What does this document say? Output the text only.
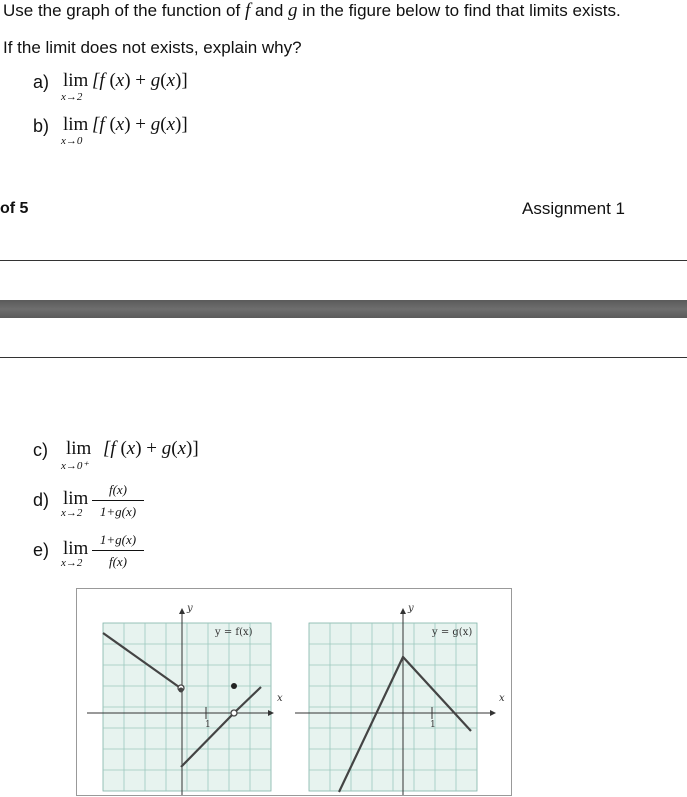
Use the graph of the function of f and g in the figure below to find that limits exists.
If the limit does not exists, explain why?
a) lim
x→2
[f (x) + g(x)]
b) lim
x→0
[f (x) + g(x)]
of 5	Assignment 1
c) lim
x→0⁺
[f (x) + g(x)]
d) lim
x→2
f(x)
1+g(x)
e) lim
x→2
1+g(x)
f(x)
1
y
x
y = f(x)
1
y
x
y = g(x)
